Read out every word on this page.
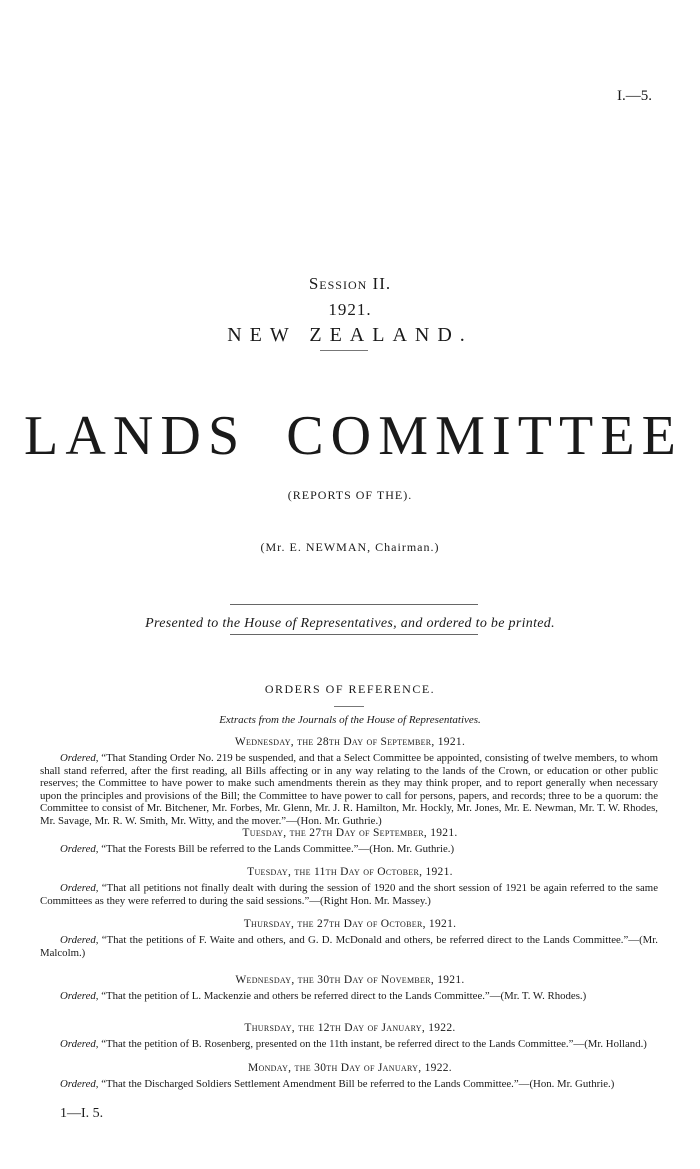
I.—5.
Session II.
1921.
NEW ZEALAND.
L A N D S C O M M I T T E E
(REPORTS OF THE).
(Mr. E. NEWMAN, Chairman.)
Presented to the House of Representatives, and ordered to be printed.
ORDERS OF REFERENCE.
Extracts from the Journals of the House of Representatives.
Wednesday, the 28th Day of September, 1921.
Ordered, “That Standing Order No. 219 be suspended, and that a Select Committee be appointed, consisting of twelve members, to whom shall stand referred, after the first reading, all Bills affecting or in any way relating to the lands of the Crown, or education or other public reserves; the Committee to have power to make such amendments therein as they may think proper, and to report generally when necessary upon the principles and provisions of the Bill; the Committee to have power to call for persons, papers, and records; three to be a quorum: the Committee to consist of Mr. Bitchener, Mr. Forbes, Mr. Glenn, Mr. J. R. Hamilton, Mr. Hockly, Mr. Jones, Mr. E. Newman, Mr. T. W. Rhodes, Mr. Savage, Mr. R. W. Smith, Mr. Witty, and the mover.”—(Hon. Mr. Guthrie.)
Tuesday, the 27th Day of September, 1921.
Ordered, “That the Forests Bill be referred to the Lands Committee.”—(Hon. Mr. Guthrie.)
Tuesday, the 11th Day of October, 1921.
Ordered, “That all petitions not finally dealt with during the session of 1920 and the short session of 1921 be again referred to the same Committees as they were referred to during the said sessions.”—(Right Hon. Mr. Massey.)
Thursday, the 27th Day of October, 1921.
Ordered, “That the petitions of F. Waite and others, and G. D. McDonald and others, be referred direct to the Lands Committee.”—(Mr. Malcolm.)
Wednesday, the 30th Day of November, 1921.
Ordered, “That the petition of L. Mackenzie and others be referred direct to the Lands Committee.”—(Mr. T. W. Rhodes.)
Thursday, the 12th Day of January, 1922.
Ordered, “That the petition of B. Rosenberg, presented on the 11th instant, be referred direct to the Lands Committee.”—(Mr. Holland.)
Monday, the 30th Day of January, 1922.
Ordered, “That the Discharged Soldiers Settlement Amendment Bill be referred to the Lands Committee.”—(Hon. Mr. Guthrie.)
1—I. 5.
